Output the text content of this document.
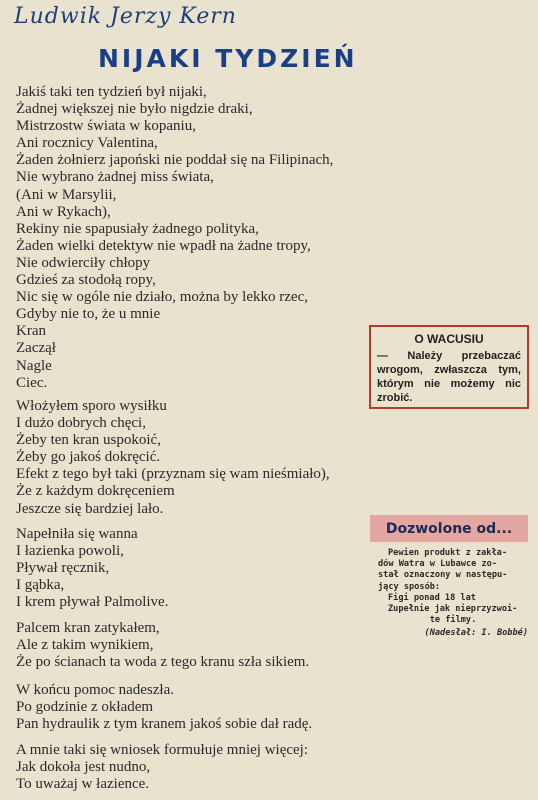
Ludwik Jerzy Kern
NIJAKI TYDZIEŃ
Jakiś taki ten tydzień był nijaki,
Żadnej większej nie było nigdzie draki,
Mistrzostw świata w kopaniu,
Ani rocznicy Valentina,
Żaden żołnierz japoński nie poddał się na Filipinach,
Nie wybrano żadnej miss świata,
(Ani w Marsylii,
Ani w Rykach),
Rekiny nie spapusiały żadnego polityka,
Żaden wielki detektyw nie wpadł na żadne tropy,
Nie odwierciły chłopy
Gdzieś za stodołą ropy,
Nic się w ogóle nie działo, można by lekko rzec,
Gdyby nie to, że u mnie
Kran
Zaczął
Nagle
Ciec.
Włożyłem sporo wysiłku
I dużo dobrych chęci,
Żeby ten kran uspokoić,
Żeby go jakoś dokręcić.
Efekt z tego był taki (przyznam się wam nieśmiało),
Że z każdym dokręceniem
Jeszcze się bardziej lało.
Napełniła się wanna
I łazienka powoli,
Pływał ręcznik,
I gąbka,
I krem pływał Palmolive.
Palcem kran zatykałem,
Ale z takim wynikiem,
Że po ścianach ta woda z tego kranu szła sikiem.
W końcu pomoc nadeszła.
Po godzinie z okładem
Pan hydraulik z tym kranem jakoś sobie dał radę.
A mnie taki się wniosek formułuje mniej więcej:
Jak dokoła jest nudno,
To uważaj w łazience.
O WACUSIU
— Należy przebaczać wrogom, zwłaszcza tym, którym nie możemy nic zrobić.
Dozwolone od...
Pewien produkt z zakła-
dów Watra w Lubawce zo-
stał oznaczony w następu-
jący sposób:
Figi ponad 18 lat
Zupełnie jak nieprzyzwoi-
te filmy.
(Nadesłał: I. Bobbé)
